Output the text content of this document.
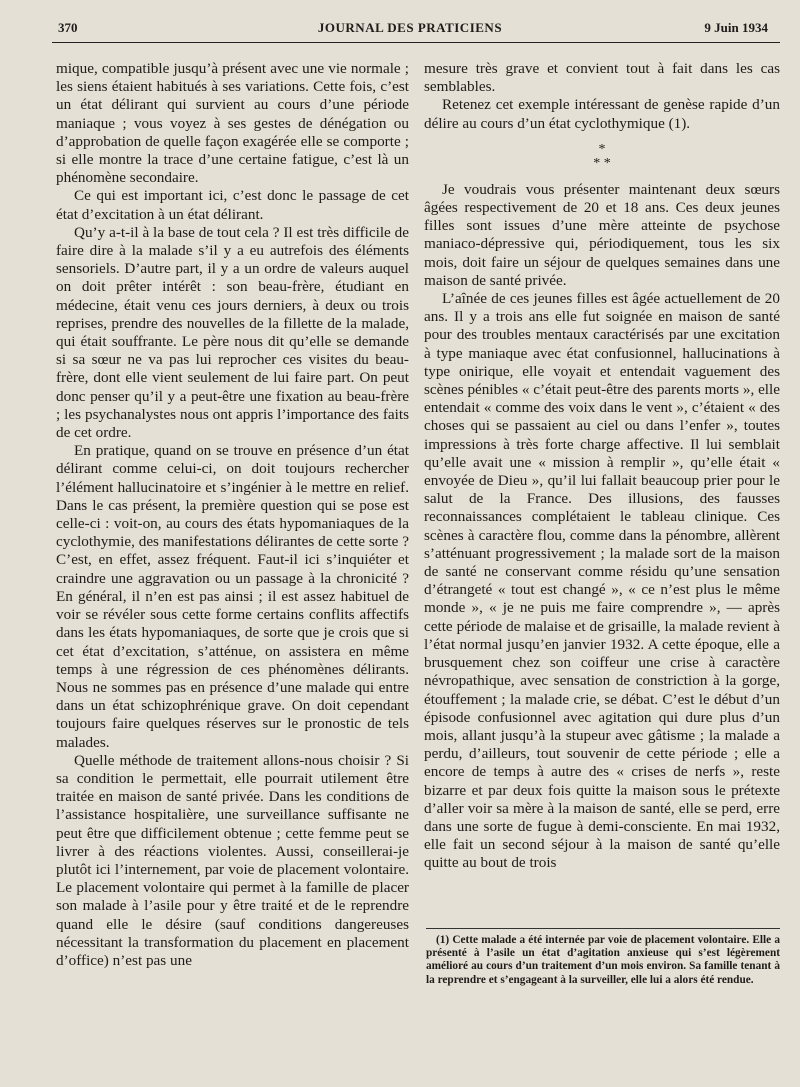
370	JOURNAL DES PRATICIENS	9 Juin 1934

mique, compatible jusqu’à présent avec une vie normale ; les siens étaient habitués à ses variations. Cette fois, c’est un état délirant qui survient au cours d’une période maniaque ; vous voyez à ses gestes de dénégation ou d’approbation de quelle façon exagérée elle se comporte ; si elle montre la trace d’une certaine fatigue, c’est là un phénomène secondaire.

Ce qui est important ici, c’est donc le passage de cet état d’excitation à un état délirant.

Qu’y a-t-il à la base de tout cela ? Il est très difficile de faire dire à la malade s’il y a eu autrefois des éléments sensoriels. D’autre part, il y a un ordre de valeurs auquel on doit prêter intérêt : son beau-frère, étudiant en médecine, était venu ces jours derniers, à deux ou trois reprises, prendre des nouvelles de la fillette de la malade, qui était souffrante. Le père nous dit qu’elle se demande si sa sœur ne va pas lui reprocher ces visites du beau-frère, dont elle vient seulement de lui faire part. On peut donc penser qu’il y a peut-être une fixation au beau-frère ; les psychanalystes nous ont appris l’importance des faits de cet ordre.

En pratique, quand on se trouve en présence d’un état délirant comme celui-ci, on doit toujours rechercher l’élément hallucinatoire et s’ingénier à le mettre en relief. Dans le cas présent, la première question qui se pose est celle-ci : voit-on, au cours des états hypomaniaques de la cyclothymie, des manifestations délirantes de cette sorte ? C’est, en effet, assez fréquent. Faut-il ici s’inquiéter et craindre une aggravation ou un passage à la chronicité ? En général, il n’en est pas ainsi ; il est assez habituel de voir se révéler sous cette forme certains conflits affectifs dans les états hypomaniaques, de sorte que je crois que si cet état d’excitation, s’atténue, on assistera en même temps à une régression de ces phénomènes délirants. Nous ne sommes pas en présence d’une malade qui entre dans un état schizophrénique grave. On doit cependant toujours faire quelques réserves sur le pronostic de tels malades.

Quelle méthode de traitement allons-nous choisir ? Si sa condition le permettait, elle pourrait utilement être traitée en maison de santé privée. Dans les conditions de l’assistance hospitalière, une surveillance suffisante ne peut être que difficilement obtenue ; cette femme peut se livrer à des réactions violentes. Aussi, conseillerai-je plutôt ici l’internement, par voie de placement volontaire. Le placement volontaire qui permet à la famille de placer son malade à l’asile pour y être traité et de le reprendre quand elle le désire (sauf conditions dangereuses nécessitant la transformation du placement en placement d’office) n’est pas une

mesure très grave et convient tout à fait dans les cas semblables.

Retenez cet exemple intéressant de genèse rapide d’un délire au cours d’un état cyclothymique (1).

*
* *

Je voudrais vous présenter maintenant deux sœurs âgées respectivement de 20 et 18 ans. Ces deux jeunes filles sont issues d’une mère atteinte de psychose maniaco-dépressive qui, périodiquement, tous les six mois, doit faire un séjour de quelques semaines dans une maison de santé privée.

L’aînée de ces jeunes filles est âgée actuellement de 20 ans. Il y a trois ans elle fut soignée en maison de santé pour des troubles mentaux caractérisés par une excitation à type maniaque avec état confusionnel, hallucinations à type onirique, elle voyait et entendait vaguement des scènes pénibles « c’était peut-être des parents morts », elle entendait « comme des voix dans le vent », c’étaient « des choses qui se passaient au ciel ou dans l’enfer », toutes impressions à très forte charge affective. Il lui semblait qu’elle avait une « mission à remplir », qu’elle était « envoyée de Dieu », qu’il lui fallait beaucoup prier pour le salut de la France. Des illusions, des fausses reconnaissances complétaient le tableau clinique. Ces scènes à caractère flou, comme dans la pénombre, allèrent s’atténuant progressivement ; la malade sort de la maison de santé ne conservant comme résidu qu’une sensation d’étrangeté « tout est changé », « ce n’est plus le même monde », « je ne puis me faire comprendre », — après cette période de malaise et de grisaille, la malade revient à l’état normal jusqu’en janvier 1932. A cette époque, elle a brusquement chez son coiffeur une crise à caractère névropathique, avec sensation de constriction à la gorge, étouffement ; la malade crie, se débat. C’est le début d’un épisode confusionnel avec agitation qui dure plus d’un mois, allant jusqu’à la stupeur avec gâtisme ; la malade a perdu, d’ailleurs, tout souvenir de cette période ; elle a encore de temps à autre des « crises de nerfs », reste bizarre et par deux fois quitte la maison sous le prétexte d’aller voir sa mère à la maison de santé, elle se perd, erre dans une sorte de fugue à demi-consciente. En mai 1932, elle fait un second séjour à la maison de santé qu’elle quitte au bout de trois

(1) Cette malade a été internée par voie de placement volontaire. Elle a présenté à l’asile un état d’agitation anxieuse qui s’est légèrement amélioré au cours d’un traitement d’un mois environ. Sa famille tenant à la reprendre et s’engageant à la surveiller, elle lui a alors été rendue.
